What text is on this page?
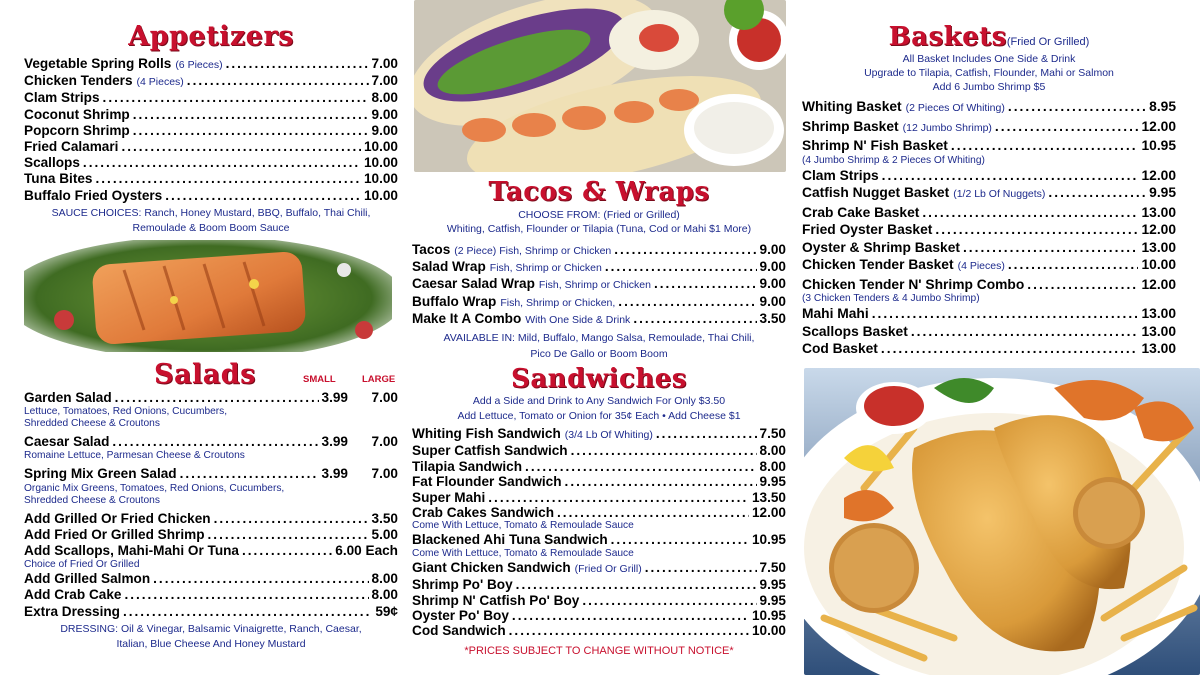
Appetizers
Vegetable Spring Rolls (6 Pieces) .....	7.00
Chicken Tenders (4 Pieces) .....	7.00
Clam Strips .....	8.00
Coconut Shrimp .....	9.00
Popcorn Shrimp .....	9.00
Fried Calamari .....	10.00
Scallops .....	10.00
Tuna Bites .....	10.00
Buffalo Fried Oysters .....	10.00
SAUCE CHOICES: Ranch, Honey Mustard, BBQ, Buffalo, Thai Chili,
Remoulade & Boom Boom Sauce
Salads	SMALL	LARGE
Garden Salad .....	3.99	7.00
Lettuce, Tomatoes, Red Onions, Cucumbers,
Shredded Cheese & Croutons
Caesar Salad .....	3.99	7.00
Romaine Lettuce, Parmesan Cheese & Croutons
Spring Mix Green Salad .....	3.99	7.00
Organic Mix Greens, Tomatoes, Red Onions, Cucumbers,
Shredded Cheese & Croutons
Add Grilled Or Fried Chicken .....	3.50
Add Fried Or Grilled Shrimp .....	5.00
Add Scallops, Mahi-Mahi Or Tuna .....	6.00 Each
Choice of Fried Or Grilled
Add Grilled Salmon .....	8.00
Add Crab Cake .....	8.00
Extra Dressing .....	59¢
DRESSING: Oil & Vinegar, Balsamic Vinaigrette, Ranch, Caesar,
Italian, Blue Cheese And Honey Mustard
Tacos & Wraps
CHOOSE FROM: (Fried or Grilled)
Whiting, Catfish, Flounder or Tilapia (Tuna, Cod or Mahi $1 More)
Tacos (2 Piece) Fish, Shrimp or Chicken .....	9.00
Salad Wrap Fish, Shrimp or Chicken .....	9.00
Caesar Salad Wrap Fish, Shrimp or Chicken .....	9.00
Buffalo Wrap Fish, Shrimp or Chicken, .....	9.00
Make It A Combo With One Side & Drink .....	3.50
AVAILABLE IN: Mild, Buffalo, Mango Salsa, Remoulade, Thai Chili,
Pico De Gallo or Boom Boom
Sandwiches
Add a Side and Drink to Any Sandwich For Only $3.50
Add Lettuce, Tomato or Onion for 35¢ Each • Add Cheese $1
Whiting Fish Sandwich (3/4 Lb Of Whiting) .....	7.50
Super Catfish Sandwich .....	8.00
Tilapia Sandwich .....	8.00
Fat Flounder Sandwich .....	9.95
Super Mahi .....	13.50
Crab Cakes Sandwich .....	12.00
Come With Lettuce, Tomato & Remoulade Sauce
Blackened Ahi Tuna Sandwich .....	10.95
Come With Lettuce, Tomato & Remoulade Sauce
Giant Chicken Sandwich (Fried Or Grill) .....	7.50
Shrimp Po' Boy .....	9.95
Shrimp N' Catfish Po' Boy .....	9.95
Oyster Po' Boy .....	10.95
Cod Sandwich .....	10.00
*PRICES SUBJECT TO CHANGE WITHOUT NOTICE*
Baskets(Fried Or Grilled)
All Basket Includes One Side & Drink
Upgrade to Tilapia, Catfish, Flounder, Mahi or Salmon
Add 6 Jumbo Shrimp $5
Whiting Basket (2 Pieces Of Whiting) .....	8.95
Shrimp Basket (12 Jumbo Shrimp) .....	12.00
Shrimp N' Fish Basket .....	10.95
(4 Jumbo Shrimp & 2 Pieces Of Whiting)
Clam Strips .....	12.00
Catfish Nugget Basket (1/2 Lb Of Nuggets) .....	9.95
Crab Cake Basket .....	13.00
Fried Oyster Basket .....	12.00
Oyster & Shrimp Basket .....	13.00
Chicken Tender Basket (4 Pieces) .....	10.00
Chicken Tender N' Shrimp Combo .....	12.00
(3 Chicken Tenders & 4 Jumbo Shrimp)
Mahi Mahi .....	13.00
Scallops Basket .....	13.00
Cod Basket .....	13.00
